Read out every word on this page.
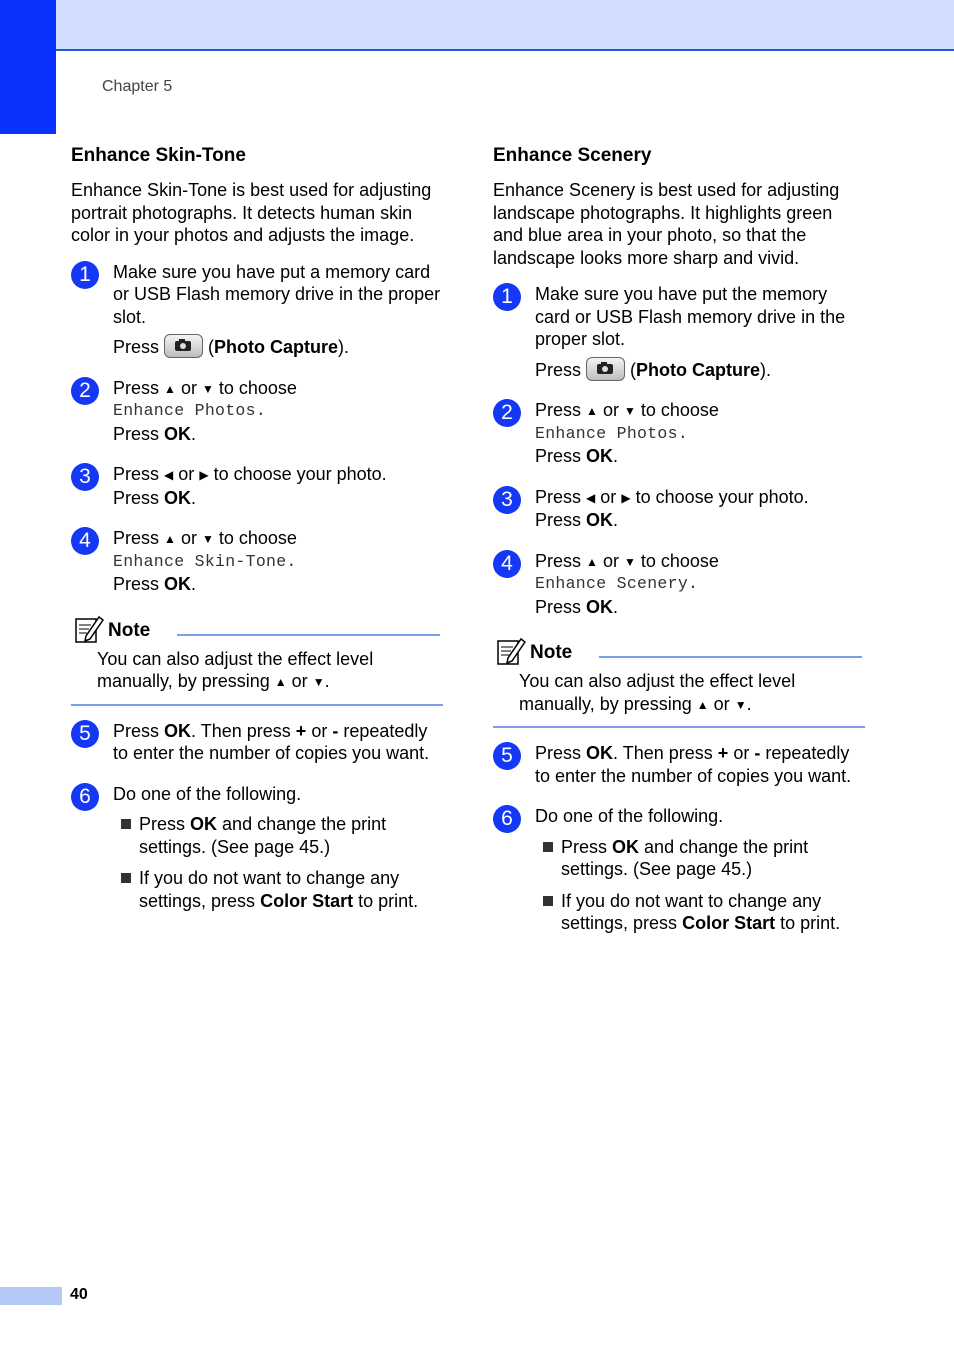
Chapter 5
Enhance Skin-Tone

Enhance Skin-Tone is best used for adjusting portrait photographs. It detects human skin color in your photos and adjusts the image.

1	Make sure you have put a memory card or USB Flash memory drive in the proper slot.
Press	(Photo Capture).
2	Press ▲ or ▼ to choose
Enhance Photos.
Press OK.
3	Press ◀ or ▶ to choose your photo.
Press OK.
4	Press ▲ or ▼ to choose
Enhance Skin-Tone.
Press OK.
Note
You can also adjust the effect level manually, by pressing ▲ or ▼.
5	Press OK. Then press + or - repeatedly to enter the number of copies you want.
6	Do one of the following.
Press OK and change the print settings. (See page 45.)
If you do not want to change any settings, press Color Start to print.
Enhance Scenery

Enhance Scenery is best used for adjusting landscape photographs. It highlights green and blue area in your photo, so that the landscape looks more sharp and vivid.

1	Make sure you have put the memory card or USB Flash memory drive in the proper slot.
Press	(Photo Capture).
2	Press ▲ or ▼ to choose
Enhance Photos.
Press OK.
3	Press ◀ or ▶ to choose your photo.
Press OK.
4	Press ▲ or ▼ to choose
Enhance Scenery.
Press OK.
Note
You can also adjust the effect level manually, by pressing ▲ or ▼.
5	Press OK. Then press + or - repeatedly to enter the number of copies you want.
6	Do one of the following.
Press OK and change the print settings. (See page 45.)
If you do not want to change any settings, press Color Start to print.
40
